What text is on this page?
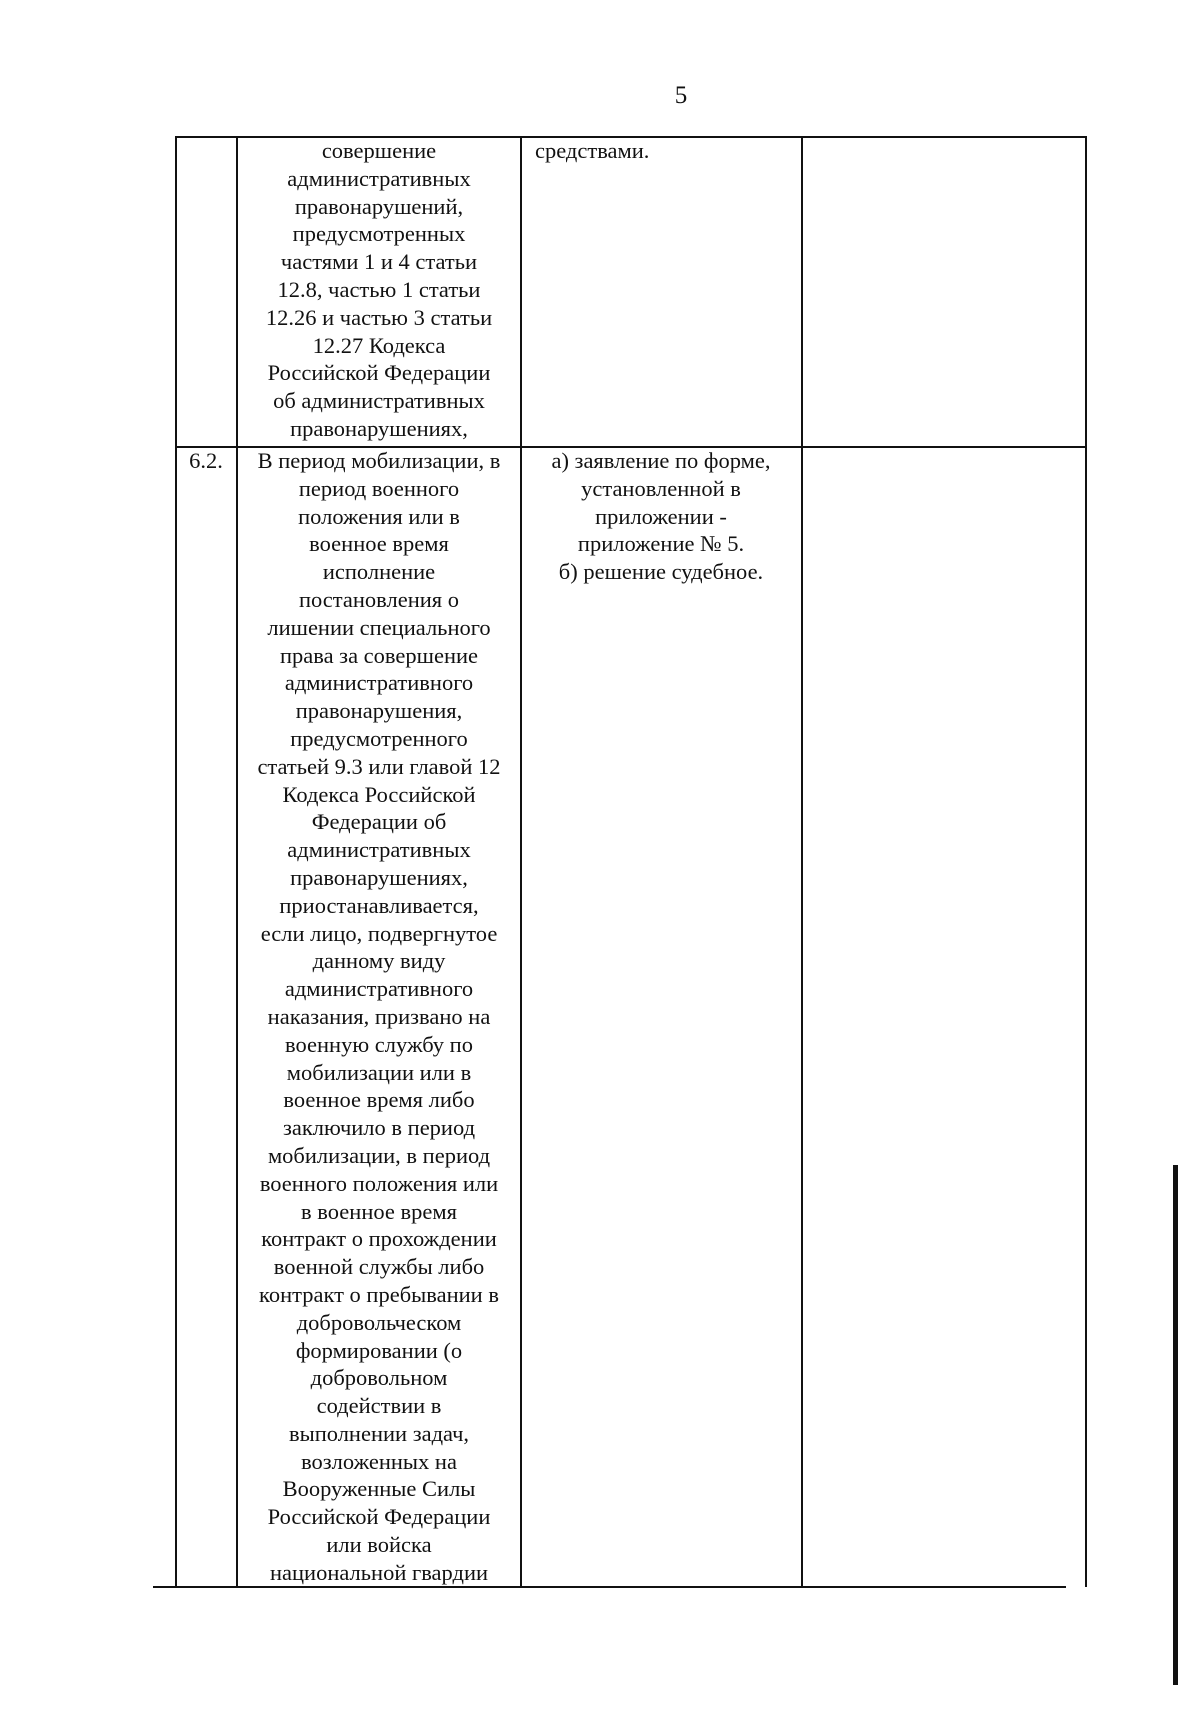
5
совершение
административных
правонарушений,
предусмотренных
частями 1 и 4 статьи
12.8, частью 1 статьи
12.26 и частью 3 статьи
12.27 Кодекса
Российской Федерации
об административных
правонарушениях,
средствами.
6.2.	В период мобилизации, в
период военного
положения или в
военное время
исполнение
постановления о
лишении специального
права за совершение
административного
правонарушения,
предусмотренного
статьей 9.3 или главой 12
Кодекса Российской
Федерации об
административных
правонарушениях,
приостанавливается,
если лицо, подвергнутое
данному виду
административного
наказания, призвано на
военную службу по
мобилизации или в
военное время либо
заключило в период
мобилизации, в период
военного положения или
в военное время
контракт о прохождении
военной службы либо
контракт о пребывании в
добровольческом
формировании (о
добровольном
содействии в
выполнении задач,
возложенных на
Вооруженные Силы
Российской Федерации
или войска
национальной гвардии
а) заявление по форме,
установленной в
приложении -
приложение № 5.
б) решение судебное.
